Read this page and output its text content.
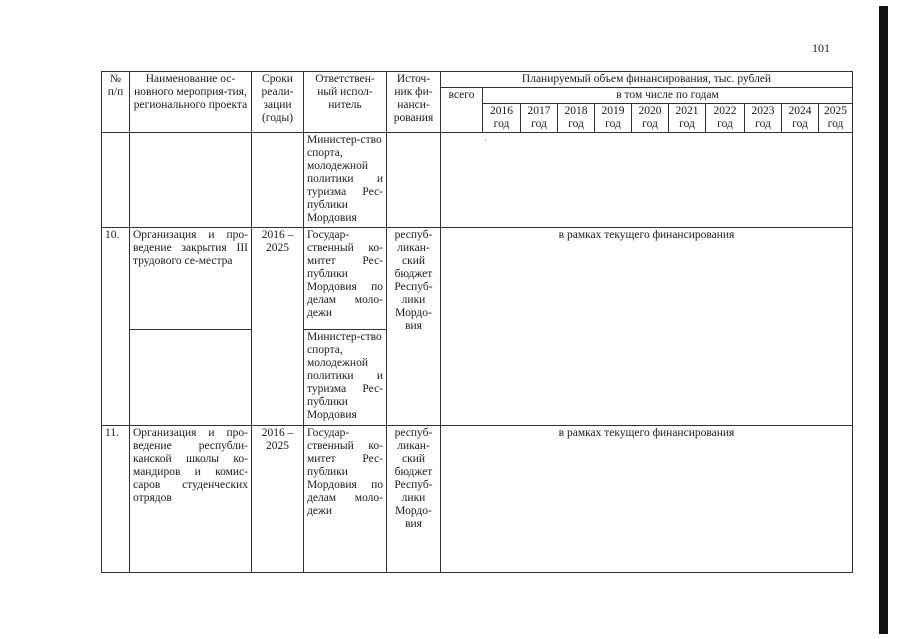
101
№ п/п	Наименование ос-новного мероприя-тия, регионального проекта	Сроки реали-зации (годы)	Ответствен-ный испол-нитель	Источ-ник фи-нанси-рования	Планируемый объем финансирования, тыс. рублей										
					всего	в том числе по годам									
						2016 год	2017 год	2018 год	2019 год	2020 год	2021 год	2022 год	2023 год	2024 год	2025 год
			Министер-ство спорта, молодежной политики и туризма Рес-публики Мордовия		·										
10.	Организация и про-ведение закрытия III трудового се-местра	2016 – 2025	Государ-ственный ко-митет Рес-публики Мордовия по делам моло-дежи	респуб-ликан-ский бюджет Респуб-лики Мордо-вия	в рамках текущего финансирования										
			Министер-ство спорта, молодежной политики и туризма Рес-публики Мордовия												
11.	Организация и про-ведение республи-канской школы ко-мандиров и комис-саров студенческих отрядов	2016 – 2025	Государ-ственный ко-митет Рес-публики Мордовия по делам моло-дежи	респуб-ликан-ский бюджет Респуб-лики Мордо-вия	в рамках текущего финансирования										
